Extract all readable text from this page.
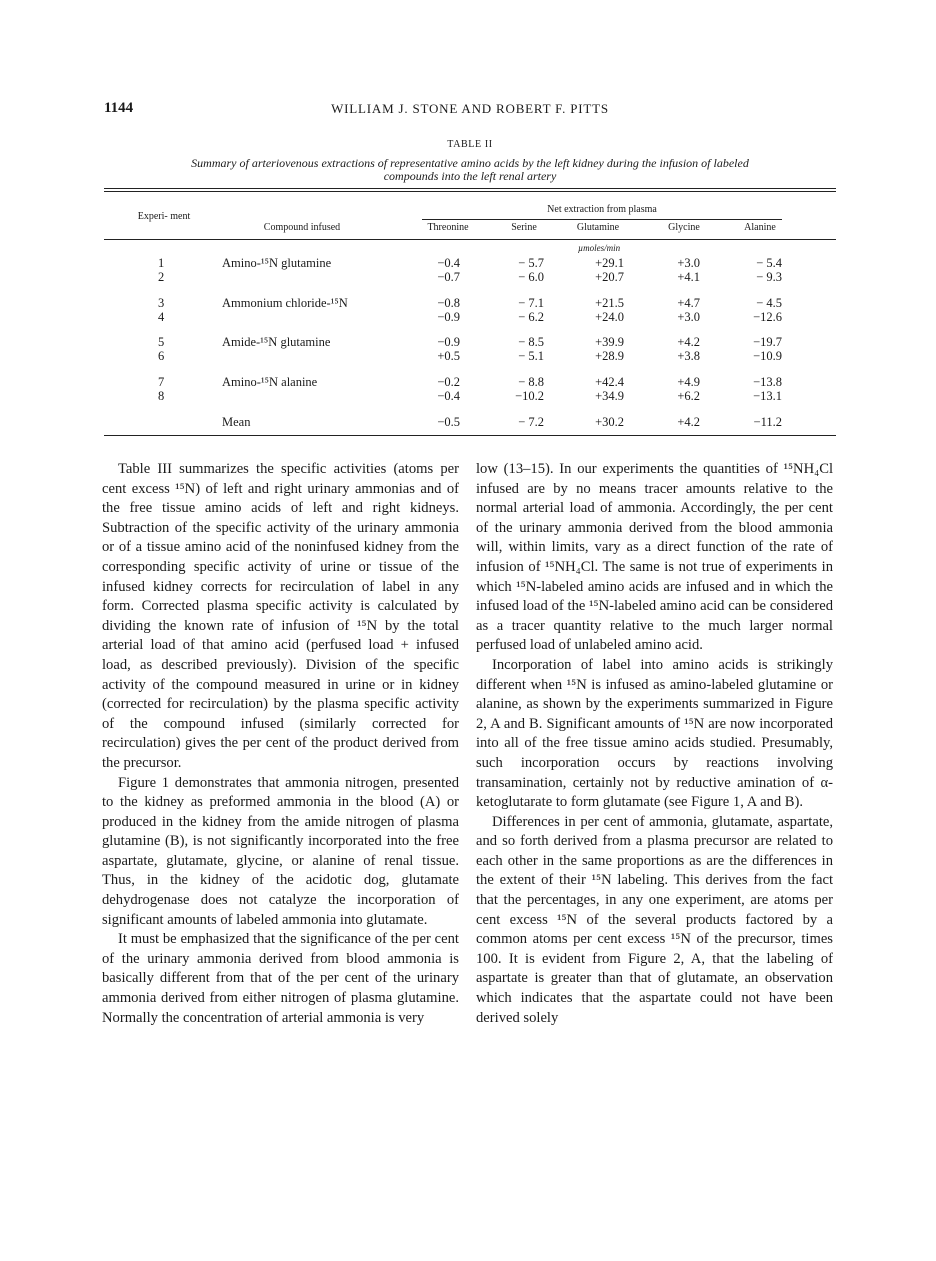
1144	WILLIAM J. STONE AND ROBERT F. PITTS
TABLE II
Summary of arteriovenous extractions of representative amino acids by the left kidney during the infusion of labeled compounds into the left renal artery
Experi- ment
Compound infused
Net extraction from plasma
Threonine	Serine	Glutamine	Glycine	Alanine
µmoles/min
1	Amino-¹⁵N glutamine	−0.4	− 5.7	+29.1	+3.0	− 5.4
2	−0.7	− 6.0	+20.7	+4.1	− 9.3
3	Ammonium chloride-¹⁵N	−0.8	− 7.1	+21.5	+4.7	− 4.5
4	−0.9	− 6.2	+24.0	+3.0	−12.6
5	Amide-¹⁵N glutamine	−0.9	− 8.5	+39.9	+4.2	−19.7
6	+0.5	− 5.1	+28.9	+3.8	−10.9
7	Amino-¹⁵N alanine	−0.2	− 8.8	+42.4	+4.9	−13.8
8	−0.4	−10.2	+34.9	+6.2	−13.1
Mean	−0.5	− 7.2	+30.2	+4.2	−11.2

Table III summarizes the specific activities (atoms per cent excess ¹⁵N) of left and right urinary ammonias and of the free tissue amino acids of left and right kidneys. Subtraction of the specific activity of the urinary ammonia or of a tissue amino acid of the noninfused kidney from the corresponding specific activity of urine or tissue of the infused kidney corrects for recirculation of label in any form. Corrected plasma specific activity is calculated by dividing the known rate of infusion of ¹⁵N by the total arterial load of that amino acid (perfused load + infused load, as described previously). Division of the specific activity of the compound measured in urine or in kidney (corrected for recirculation) by the plasma specific activity of the compound infused (similarly corrected for recirculation) gives the per cent of the product derived from the precursor.

Figure 1 demonstrates that ammonia nitrogen, presented to the kidney as preformed ammonia in the blood (A) or produced in the kidney from the amide nitrogen of plasma glutamine (B), is not significantly incorporated into the free aspartate, glutamate, glycine, or alanine of renal tissue. Thus, in the kidney of the acidotic dog, glutamate dehydrogenase does not catalyze the incorporation of significant amounts of labeled ammonia into glutamate.

It must be emphasized that the significance of the per cent of the urinary ammonia derived from blood ammonia is basically different from that of the per cent of the urinary ammonia derived from either nitrogen of plasma glutamine. Normally the concentration of arterial ammonia is very

low (13–15). In our experiments the quantities of ¹⁵NH₄Cl infused are by no means tracer amounts relative to the normal arterial load of ammonia. Accordingly, the per cent of the urinary ammonia derived from the blood ammonia will, within limits, vary as a direct function of the rate of infusion of ¹⁵NH₄Cl. The same is not true of experiments in which ¹⁵N-labeled amino acids are infused and in which the infused load of the ¹⁵N-labeled amino acid can be considered as a tracer quantity relative to the much larger normal perfused load of unlabeled amino acid.

Incorporation of label into amino acids is strikingly different when ¹⁵N is infused as amino-labeled glutamine or alanine, as shown by the experiments summarized in Figure 2, A and B. Significant amounts of ¹⁵N are now incorporated into all of the free tissue amino acids studied. Presumably, such incorporation occurs by reactions involving transamination, certainly not by reductive amination of α-ketoglutarate to form glutamate (see Figure 1, A and B).

Differences in per cent of ammonia, glutamate, aspartate, and so forth derived from a plasma precursor are related to each other in the same proportions as are the differences in the extent of their ¹⁵N labeling. This derives from the fact that the percentages, in any one experiment, are atoms per cent excess ¹⁵N of the several products factored by a common atoms per cent excess ¹⁵N of the precursor, times 100. It is evident from Figure 2, A, that the labeling of aspartate is greater than that of glutamate, an observation which indicates that the aspartate could not have been derived solely
